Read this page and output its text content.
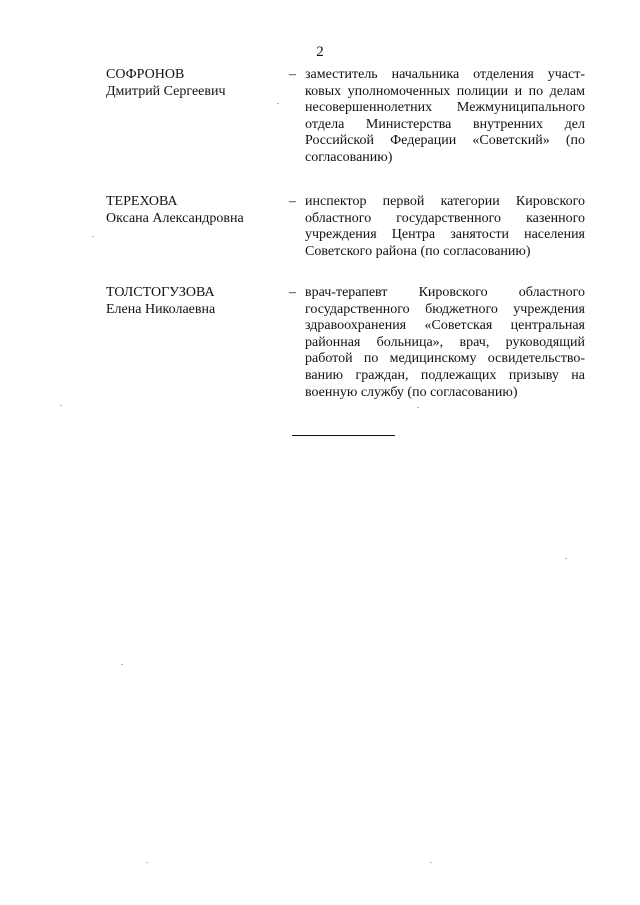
2
СОФРОНОВ
Дмитрий Сергеевич
– заместитель начальника отделения участковых уполномоченных полиции и по делам несовершеннолетних Межмуниципального отдела Министерства внутренних дел Российской Федерации «Советский» (по согласованию)
ТЕРЕХОВА
Оксана Александровна
– инспектор первой категории Кировского областного государственного казенного учреждения Центра занятости населения Советского района (по согласованию)
ТОЛСТОГУЗОВА
Елена Николаевна
– врач-терапевт Кировского областного государственного бюджетного учреждения здравоохранения «Советская центральная районная больница», врач, руководящий работой по медицинскому освидетельствованию граждан, подлежащих призыву на военную службу (по согласованию)
